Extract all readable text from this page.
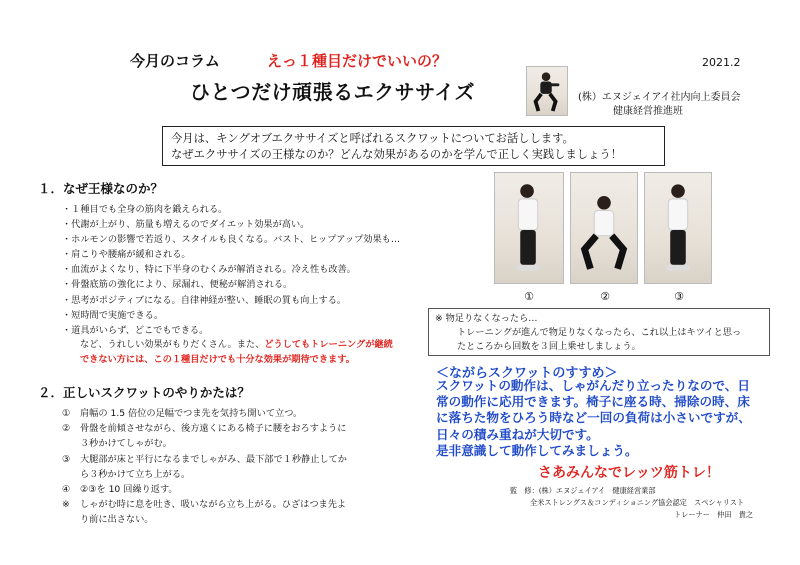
今月のコラム	えっ１種目だけでいいの？
ひとつだけ頑張るエクササイズ
2021.2
(株）エヌジェイアイ社内向上委員会
健康経営推進班
今月は、キングオブエクササイズと呼ばれるスクワットについてお話しします。
なぜエクササイズの王様なのか？どんな効果があるのかを学んで正しく実践しましょう！
１．なぜ王様なのか？
・１種目でも全身の筋肉を鍛えられる。
・代謝が上がり、筋量も増えるのでダイエット効果が高い。
・ホルモンの影響で若返り、スタイルも良くなる。バスト、ヒップアップ効果も…
・肩こりや腰痛が緩和される。
・血流がよくなり、特に下半身のむくみが解消される。冷え性も改善。
・骨盤底筋の強化により、尿漏れ、便秘が解消される。
・思考がポジティブになる。自律神経が整い、睡眠の質も向上する。
・短時間で実施できる。
・道具がいらず、どこでもできる。
など、うれしい効果がもりだくさん。また、どうしてもトレーニングが継続
できない方には、この１種目だけでも十分な効果が期待できます。
２．正しいスクワットのやりかたは？
① 肩幅の 1.5 倍位の足幅でつま先を気持ち開いて立つ。
② 骨盤を前傾させながら、後方遠くにある椅子に腰をおろすように
３秒かけてしゃがむ。
③ 大腿部が床と平行になるまでしゃがみ、最下部で１秒静止してか
ら３秒かけて立ち上がる。
④ ②③を 10 回繰り返す。
※ しゃがむ時に息を吐き、吸いながら立ち上がる。ひざはつま先よ
り前に出さない。
①	②	③
※ 物足りなくなったら…
トレーニングが進んで物足りなくなったら、これ以上はキツイと思っ
たところから回数を３回上乗せしましょう。
＜ながらスクワットのすすめ＞
スクワットの動作は、しゃがんだり立ったりなので、日
常の動作に応用できます。椅子に座る時、掃除の時、床
に落ちた物をひろう時など一回の負荷は小さいですが、
日々の積み重ねが大切です。
是非意識して動作してみましょう。
さあみんなでレッツ筋トレ！
監　修：(株）エヌジェイアイ　健康経営業部
全米ストレングス＆コンディショニング協会認定　スペシャリスト
トレーナー　仲田　貴之
